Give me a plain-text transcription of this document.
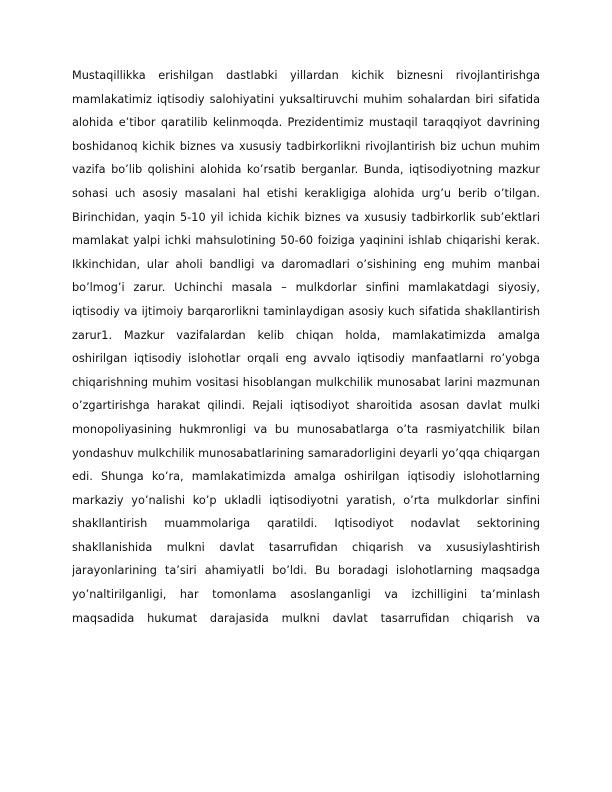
Mustaqillikka erishilgan dastlabki yillardan kichik biznesni rivojlantirishga
mamlakatimiz iqtisodiy salohiyatini yuksaltiruvchi muhim sohalardan biri sifatida
alohida e’tibor qaratilib kelinmoqda. Prezidentimiz mustaqil taraqqiyot davrining
boshidanoq kichik biznes va xususiy tadbirkorlikni rivojlantirish biz uchun muhim
vazifa bo’lib qolishini alohida ko’rsatib berganlar. Bunda, iqtisodiyotning mazkur
sohasi uch asosiy masalani hal etishi kerakligiga alohida urg’u berib o’tilgan.
Birinchidan, yaqin 5-10 yil ichida kichik biznes va xususiy tadbirkorlik sub’ektlari
mamlakat yalpi ichki mahsulotining 50-60 foiziga yaqinini ishlab chiqarishi kerak.
Ikkinchidan, ular aholi bandligi va daromadlari o’sishining eng muhim manbai
bo’lmog’i zarur. Uchinchi masala – mulkdorlar sinfini mamlakatdagi siyosiy,
iqtisodiy va ijtimoiy barqarorlikni taminlaydigan asosiy kuch sifatida shakllantirish
zarur1. Mazkur vazifalardan kelib chiqan holda, mamlakatimizda amalga
oshirilgan iqtisodiy islohotlar orqali eng avvalo iqtisodiy manfaatlarni ro’yobga
chiqarishning muhim vositasi hisoblangan mulkchilik munosabat larini mazmunan
o’zgartirishga harakat qilindi. Rejali iqtisodiyot sharoitida asosan davlat mulki
monopoliyasining hukmronligi va bu munosabatlarga o’ta rasmiyatchilik bilan
yondashuv mulkchilik munosabatlarining samaradorligini deyarli yo’qqa chiqargan
edi. Shunga ko’ra, mamlakatimizda amalga oshirilgan iqtisodiy islohotlarning
markaziy yo’nalishi ko’p ukladli iqtisodiyotni yaratish, o’rta mulkdorlar sinfini
shakllantirish muammolariga qaratildi. Iqtisodiyot nodavlat sektorining
shakllanishida mulkni davlat tasarrufidan chiqarish va xususiylashtirish
jarayonlarining ta’siri ahamiyatli bo’ldi. Bu boradagi islohotlarning maqsadga
yo’naltirilganligi, har tomonlama asoslanganligi va izchilligini ta’minlash
maqsadida hukumat darajasida mulkni davlat tasarrufidan chiqarish va
